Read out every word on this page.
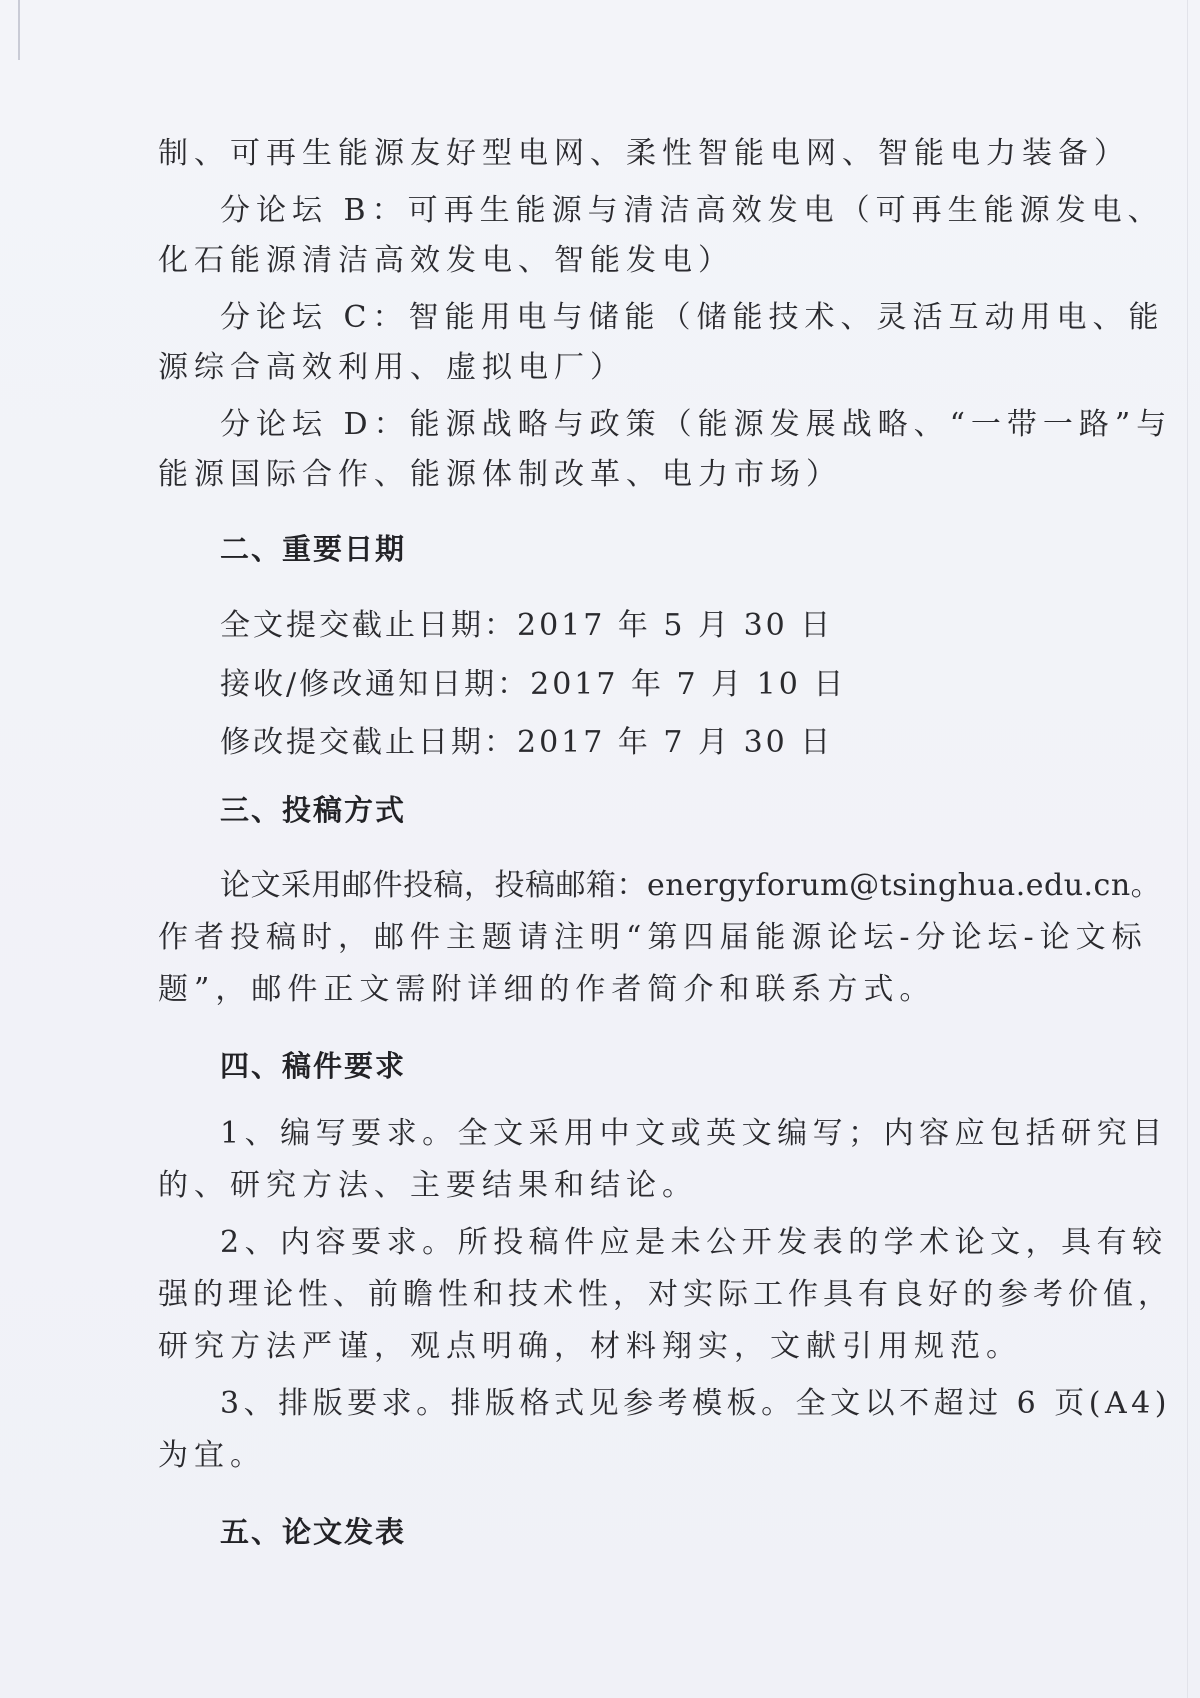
制、可再生能源友好型电网、柔性智能电网、智能电力装备）

分论坛 B：可再生能源与清洁高效发电（可再生能源发电、

化石能源清洁高效发电、智能发电）

分论坛 C：智能用电与储能（储能技术、灵活互动用电、能

源综合高效利用、虚拟电厂）

分论坛 D：能源战略与政策（能源发展战略、“一带一路”与

能源国际合作、能源体制改革、电力市场）

二、重要日期

全文提交截止日期：2017 年 5 月 30 日

接收/修改通知日期：2017 年 7 月 10 日

修改提交截止日期：2017 年 7 月 30 日

三、投稿方式

论文采用邮件投稿，投稿邮箱：energyforum@tsinghua.edu.cn。

作者投稿时，邮件主题请注明“第四届能源论坛-分论坛-论文标

题”，邮件正文需附详细的作者简介和联系方式。

四、稿件要求

1、编写要求。全文采用中文或英文编写；内容应包括研究目

的、研究方法、主要结果和结论。

2、内容要求。所投稿件应是未公开发表的学术论文，具有较

强的理论性、前瞻性和技术性，对实际工作具有良好的参考价值，

研究方法严谨，观点明确，材料翔实，文献引用规范。

3、排版要求。排版格式见参考模板。全文以不超过 6 页(A4)

为宜。

五、论文发表
